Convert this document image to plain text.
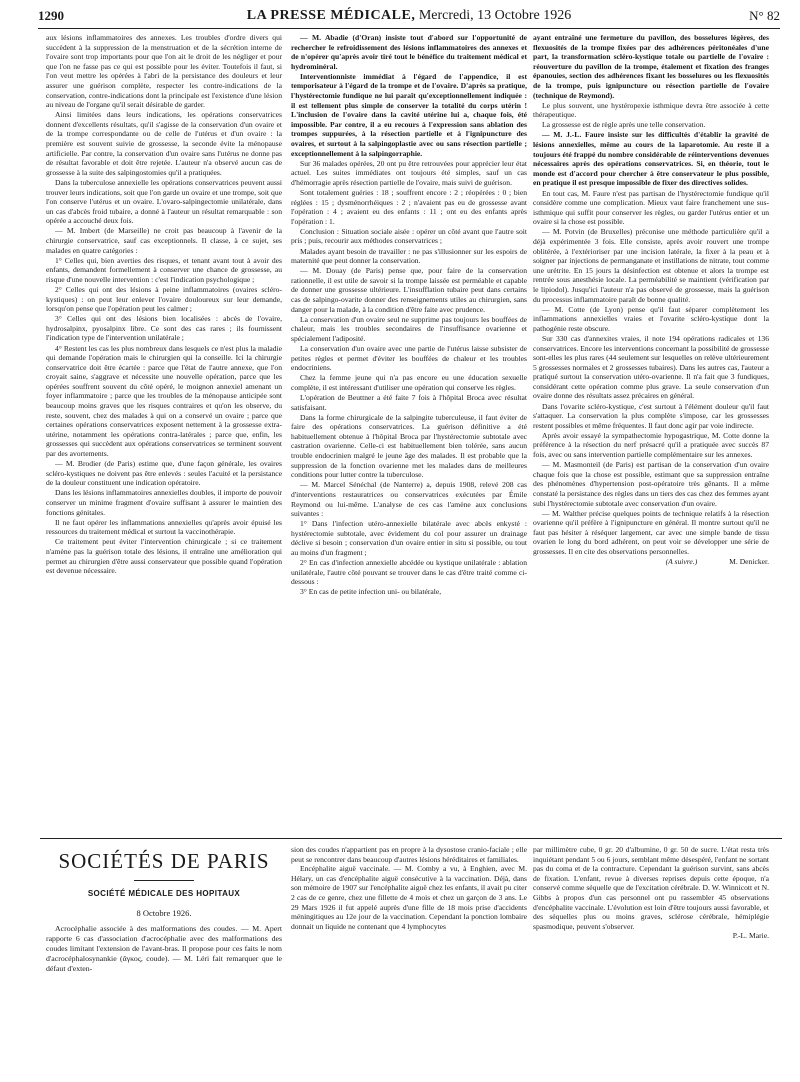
1290	LA PRESSE MÉDICALE, Mercredi, 13 Octobre 1926	N° 82

aux lésions inflammatoires des annexes. Les troubles d'ordre divers qui succèdent à la suppression de la menstruation et de la sécrétion interne de l'ovaire sont trop importants pour que l'on ait le droit de les négliger et pour que l'on ne fasse pas ce qui est possible pour les éviter. Toutefois il faut, si l'on veut mettre les opérées à l'abri de la persistance des douleurs et leur assurer une guérison complète, respecter les contre-indications de la conservation, contre-indications dont la principale est l'existence d'une lésion au niveau de l'organe qu'il serait désirable de garder.

Ainsi limitées dans leurs indications, les opérations conservatrices donnent d'excellents résultats, qu'il s'agisse de la conservation d'un ovaire et de la trompe correspondante ou de celle de l'utérus et d'un ovaire : la première est souvent suivie de grossesse, la seconde évite la ménopause artificielle. Par contre, la conservation d'un ovaire sans l'utérus ne donne pas de résultat favorable et doit être rejetée. L'auteur n'a observé aucun cas de grossesse à la suite des salpingostomies qu'il a pratiquées.

Dans la tuberculose annexielle les opérations conservatrices peuvent aussi trouver leurs indications, soit que l'on garde un ovaire et une trompe, soit que l'on conserve l'utérus et un ovaire. L'ovaro-salpingectomie unilatérale, dans un cas d'abcès froid tubaire, a donné à l'auteur un résultat remarquable : son opérée a accouché deux fois.

— M. Imbert (de Marseille) ne croit pas beaucoup à l'avenir de la chirurgie conservatrice, sauf cas exceptionnels. Il classe, à ce sujet, ses malades en quatre catégories :

1° Celles qui, bien averties des risques, et tenant avant tout à avoir des enfants, demandent formellement à conserver une chance de grossesse, au risque d'une nouvelle intervention : c'est l'indication psychologique ;

2° Celles qui ont des lésions à peine inflammatoires (ovaires scléro-kystiques) : on peut leur enlever l'ovaire douloureux sur leur demande, lorsqu'on pense que l'opération peut les calmer ;

3° Celles qui ont des lésions bien localisées : abcès de l'ovaire, hydrosalpinx, pyosalpinx libre. Ce sont des cas rares ; ils fournissent l'indication type de l'intervention unilatérale ;

4° Restent les cas les plus nombreux dans lesquels ce n'est plus la maladie qui demande l'opération mais le chirurgien qui la conseille. Ici la chirurgie conservatrice doit être écartée : parce que l'état de l'autre annexe, que l'on croyait saine, s'aggrave et nécessite une nouvelle opération, parce que les opérées souffrent souvent du côté opéré, le moignon annexiel amenant un foyer inflammatoire ; parce que les troubles de la ménopause anticipée sont beaucoup moins graves que les risques contraires et qu'on les observe, du reste, souvent, chez des malades à qui on a conservé un ovaire ; parce que certaines opérations conservatrices exposent nettement à la grossesse extra-utérine, notamment les opérations contra-latérales ; parce que, enfin, les grossesses qui succèdent aux opérations conservatrices se terminent souvent par des avortements.

— M. Brodier (de Paris) estime que, d'une façon générale, les ovaires scléro-kystiques ne doivent pas être enlevés : seules l'acuité et la persistance de la douleur constituent une indication opératoire.

Dans les lésions inflammatoires annexielles doubles, il importe de pouvoir conserver un minime fragment d'ovaire suffisant à assurer le maintien des fonctions génitales.

Il ne faut opérer les inflammations annexielles qu'après avoir épuisé les ressources du traitement médical et surtout la vaccinothérapie.

Ce traitement peut éviter l'intervention chirurgicale ; si ce traitement n'amène pas la guérison totale des lésions, il entraîne une amélioration qui permet au chirurgien d'être aussi conservateur que possible quand l'opération est devenue nécessaire.

— M. Abadie (d'Oran) insiste tout d'abord sur l'opportunité de rechercher le refroidissement des lésions inflammatoires des annexes et de n'opérer qu'après avoir tiré tout le bénéfice du traitement médical et hydrominéral.

Interventionniste immédiat à l'égard de l'appendice, il est temporisateur à l'égard de la trompe et de l'ovaire. D'après sa pratique, l'hystérectomie fundique ne lui paraît qu'exceptionnellement indiquée : il est tellement plus simple de conserver la totalité du corps utérin ! L'inclusion de l'ovaire dans la cavité utérine lui a, chaque fois, été impossible. Par contre, il a eu recours à l'expression sans ablation des trompes suppurées, à la résection partielle et à l'ignipuncture des ovaires, et surtout à la salpingoplastie avec ou sans résection partielle ; exceptionnellement à la salpingorraphie.

Sur 36 malades opérées, 20 ont pu être retrouvées pour apprécier leur état actuel. Les suites immédiates ont toujours été simples, sauf un cas d'hémorragie après résection partielle de l'ovaire, mais suivi de guérison.

Sont totalement guéries : 18 ; souffrent encore : 2 ; réopérées : 0 ; bien réglées : 15 ; dysménorrhéiques : 2 ; n'avaient pas eu de grossesse avant l'opération : 4 ; avaient eu des enfants : 11 ; ont eu des enfants après l'opération : 1.

Conclusion : Situation sociale aisée : opérer un côté avant que l'autre soit pris ; puis, recourir aux méthodes conservatrices ;

Malades ayant besoin de travailler : ne pas s'illusionner sur les espoirs de maternité que peut donner la conservation.

— M. Douay (de Paris) pense que, pour faire de la conservation rationnelle, il est utile de savoir si la trompe laissée est perméable et capable de donner une grossesse ultérieure. L'insufflation tubaire peut dans certains cas de salpingo-ovarite donner des renseignements utiles au chirurgien, sans danger pour la malade, à la condition d'être faite avec prudence.

La conservation d'un ovaire seul ne supprime pas toujours les bouffées de chaleur, mais les troubles secondaires de l'insuffisance ovarienne et spécialement l'adiposité.

La conservation d'un ovaire avec une partie de l'utérus laisse subsister de petites règles et permet d'éviter les bouffées de chaleur et les troubles endocriniens.

Chez la femme jeune qui n'a pas encore eu une éducation sexuelle complète, il est intéressant d'utiliser une opération qui conserve les règles.

L'opération de Beuttner a été faite 7 fois à l'hôpital Broca avec résultat satisfaisant.

Dans la forme chirurgicale de la salpingite tuberculeuse, il faut éviter de faire des opérations conservatrices. La guérison définitive a été habituellement obtenue à l'hôpital Broca par l'hystérectomie subtotale avec castration ovarienne. Celle-ci est habituellement bien tolérée, sans aucun trouble endocrinien malgré le jeune âge des malades. Il est probable que la suppression de la fonction ovarienne met les malades dans de meilleures conditions pour lutter contre la tuberculose.

— M. Marcel Sénéchal (de Nanterre) a, depuis 1908, relevé 208 cas d'interventions restauratrices ou conservatrices exécutées par Émile Reymond ou lui-même. L'analyse de ces cas l'amène aux conclusions suivantes :

1° Dans l'infection utéro-annexielle bilatérale avec abcès enkysté : hystérectomie subtotale, avec évidement du col pour assurer un drainage déclive si besoin ; conservation d'un ovaire entier in situ si possible, ou tout au moins d'un fragment ;

2° En cas d'infection annexielle abcédée ou kystique unilatérale : ablation unilatérale, l'autre côté pouvant se trouver dans le cas d'être traité comme ci-dessous :

3° En cas de petite infection uni- ou bilatérale,

ayant entraîné une fermeture du pavillon, des bosselures légères, des flexuosités de la trompe fixées par des adhérences péritonéales d'une part, la transformation scléro-kystique totale ou partielle de l'ovaire : réouverture du pavillon de la trompe, étalement et fixation des franges épanouies, section des adhérences fixant les bosselures ou les flexuosités de la trompe, puis ignipuncture ou résection partielle de l'ovaire (technique de Reymond).

Le plus souvent, une hystéropexie isthmique devra être associée à cette thérapeutique.

La grossesse est de règle après une telle conservation.

— M. J.-L. Faure insiste sur les difficultés d'établir la gravité de lésions annexielles, même au cours de la laparotomie. Au reste il a toujours été frappé du nombre considérable de réinterventions devenues nécessaires après des opérations conservatrices. Si, en théorie, tout le monde est d'accord pour chercher à être conservateur le plus possible, en pratique il est presque impossible de fixer des directives solides.

En tout cas, M. Faure n'est pas partisan de l'hystérectomie fundique qu'il considère comme une complication. Mieux vaut faire franchement une sus-isthmique qui suffit pour conserver les règles, ou garder l'utérus entier et un ovaire si la chose est possible.

— M. Potvin (de Bruxelles) préconise une méthode particulière qu'il a déjà expérimentée 3 fois. Elle consiste, après avoir rouvert une trompe oblitérée, à l'extérioriser par une incision latérale, la fixer à la peau et à soigner par injections de permanganate et instillations de nitrate, tout comme une urétrite. En 15 jours la désinfection est obtenue et alors la trompe est rentrée sous anesthésie locale. La perméabilité se maintient (vérification par le lipiodol). Jusqu'ici l'auteur n'a pas observé de grossesse, mais la guérison du processus inflammatoire paraît de bonne qualité.

— M. Cotte (de Lyon) pense qu'il faut séparer complètement les inflammations annexielles vraies et l'ovarite scléro-kystique dont la pathogénie reste obscure.

Sur 330 cas d'annexites vraies, il note 194 opérations radicales et 136 conservatrices. Encore les interventions concernant la possibilité de grossesse sont-elles les plus rares (44 seulement sur lesquelles on relève ultérieurement 5 grossesses normales et 2 grossesses tubaires). Dans les autres cas, l'auteur a pratiqué surtout la conservation utéro-ovarienne. Il n'a fait que 3 fundiques, considérant cette opération comme plus grave. La seule conservation d'un ovaire donne des résultats assez précaires en général.

Dans l'ovarite scléro-kystique, c'est surtout à l'élément douleur qu'il faut s'attaquer. La conservation la plus complète s'impose, car les grossesses restent possibles et même fréquentes. Il faut donc agir par voie indirecte.

Après avoir essayé la sympathectomie hypogastrique, M. Cotte donne la préférence à la résection du nerf présacré qu'il a pratiquée avec succès 87 fois, avec ou sans intervention partielle complémentaire sur les annexes.

— M. Masmonteil (de Paris) est partisan de la conservation d'un ovaire chaque fois que la chose est possible, estimant que sa suppression entraîne des phénomènes d'hypertension post-opératoire très gênants. Il a même constaté la persistance des règles dans un tiers des cas chez des femmes ayant subi l'hystérectomie subtotale avec conservation d'un ovaire.

— M. Walther précise quelques points de technique relatifs à la résection ovarienne qu'il préfère à l'ignipuncture en général. Il montre surtout qu'il ne faut pas hésiter à réséquer largement, car avec une simple bande de tissu ovarien le long du bord adhérent, on peut voir se développer une série de grossesses. Il en cite des observations personnelles.

(A suivre.)	M. Denicker.
SOCIÉTÉS DE PARIS
SOCIÉTÉ MÉDICALE DES HOPITAUX
8 Octobre 1926.

Acrocéphalie associée à des malformations des coudes. — M. Apert rapporte 6 cas d'association d'acrocéphalie avec des malformations des coudes limitant l'extension de l'avant-bras. Il propose pour ces faits le nom d'acrocéphalosynankie (ἄγκος, coude). — M. Léri fait remarquer que le défaut d'exten-

sion des coudes n'appartient pas en propre à la dysostose cranio-faciale ; elle peut se rencontrer dans beaucoup d'autres lésions héréditaires et familiales.

Encéphalite aiguë vaccinale. — M. Comby a vu, à Enghien, avec M. Hélary, un cas d'encéphalite aiguë consécutive à la vaccination. Déjà, dans son mémoire de 1907 sur l'encéphalite aiguë chez les enfants, il avait pu citer 2 cas de ce genre, chez une fillette de 4 mois et chez un garçon de 3 ans. Le 29 Mars 1926 il fut appelé auprès d'une fille de 18 mois prise d'accidents méningitiques au 12e jour de la vaccination. Cependant la ponction lombaire donnait un liquide ne contenant que 4 lymphocytes

par millimètre cube, 0 gr. 20 d'albumine, 0 gr. 50 de sucre. L'état resta très inquiétant pendant 5 ou 6 jours, semblant même désespéré, l'enfant ne sortant pas du coma et de la contracture. Cependant la guérison survint, sans abcès de fixation. L'enfant, revue à diverses reprises depuis cette époque, n'a conservé comme séquelle que de l'excitation cérébrale. D. W. Winnicott et N. Gibbs à propos d'un cas personnel ont pu rassembler 45 observations d'encéphalite vaccinale. L'évolution est loin d'être toujours aussi favorable, et des séquelles plus ou moins graves, sclérose cérébrale, hémiplégie spasmodique, peuvent s'observer.

P.-L. Marie.
